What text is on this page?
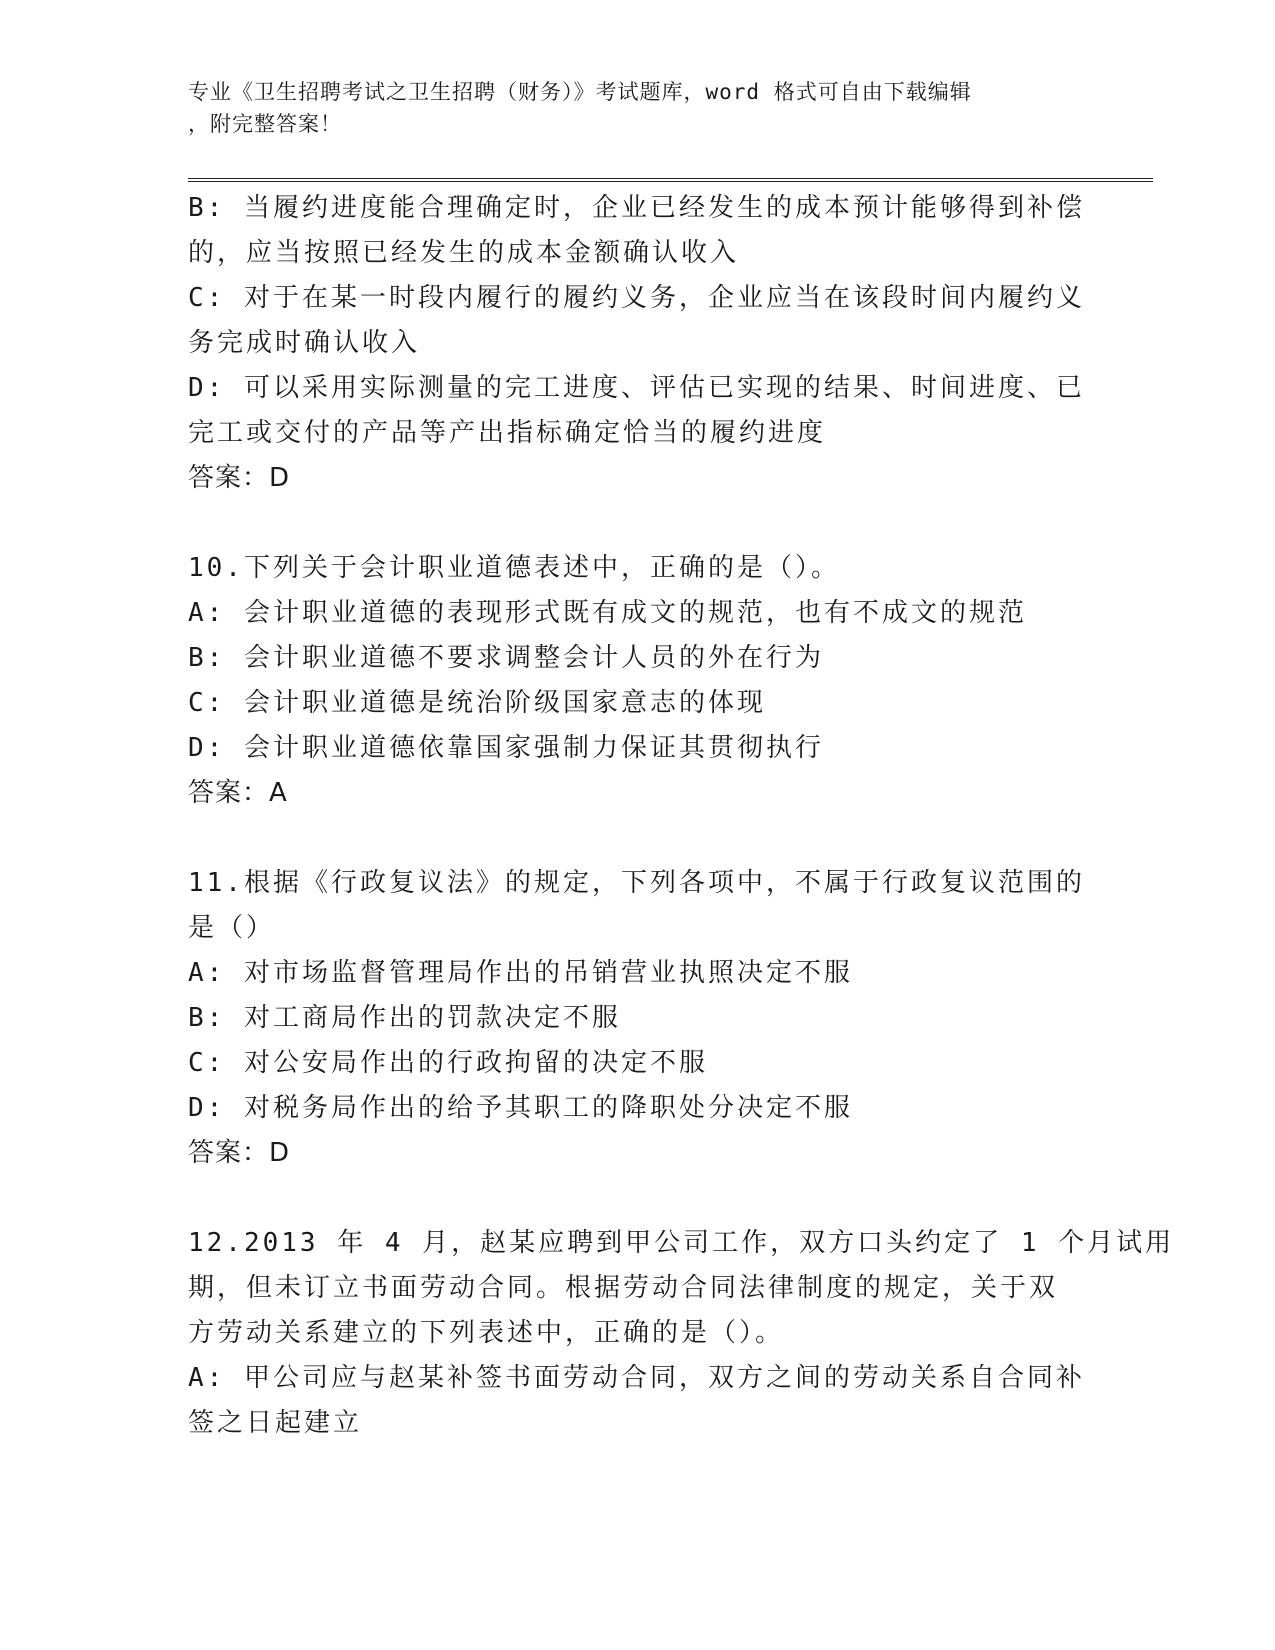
专业《卫生招聘考试之卫生招聘（财务）》考试题库，word 格式可自由下载编辑
，附完整答案！
B: 当履约进度能合理确定时，企业已经发生的成本预计能够得到补偿
的，应当按照已经发生的成本金额确认收入
C: 对于在某一时段内履行的履约义务，企业应当在该段时间内履约义
务完成时确认收入
D: 可以采用实际测量的完工进度、评估已实现的结果、时间进度、已
完工或交付的产品等产出指标确定恰当的履约进度
答案：D
10.下列关于会计职业道德表述中，正确的是（）。
A: 会计职业道德的表现形式既有成文的规范，也有不成文的规范
B: 会计职业道德不要求调整会计人员的外在行为
C: 会计职业道德是统治阶级国家意志的体现
D: 会计职业道德依靠国家强制力保证其贯彻执行
答案：A
11.根据《行政复议法》的规定，下列各项中，不属于行政复议范围的
是（）
A: 对市场监督管理局作出的吊销营业执照决定不服
B: 对工商局作出的罚款决定不服
C: 对公安局作出的行政拘留的决定不服
D: 对税务局作出的给予其职工的降职处分决定不服
答案：D
12.2013 年 4 月，赵某应聘到甲公司工作，双方口头约定了 1 个月试用
期，但未订立书面劳动合同。根据劳动合同法律制度的规定，关于双
方劳动关系建立的下列表述中，正确的是（）。
A: 甲公司应与赵某补签书面劳动合同，双方之间的劳动关系自合同补
签之日起建立
